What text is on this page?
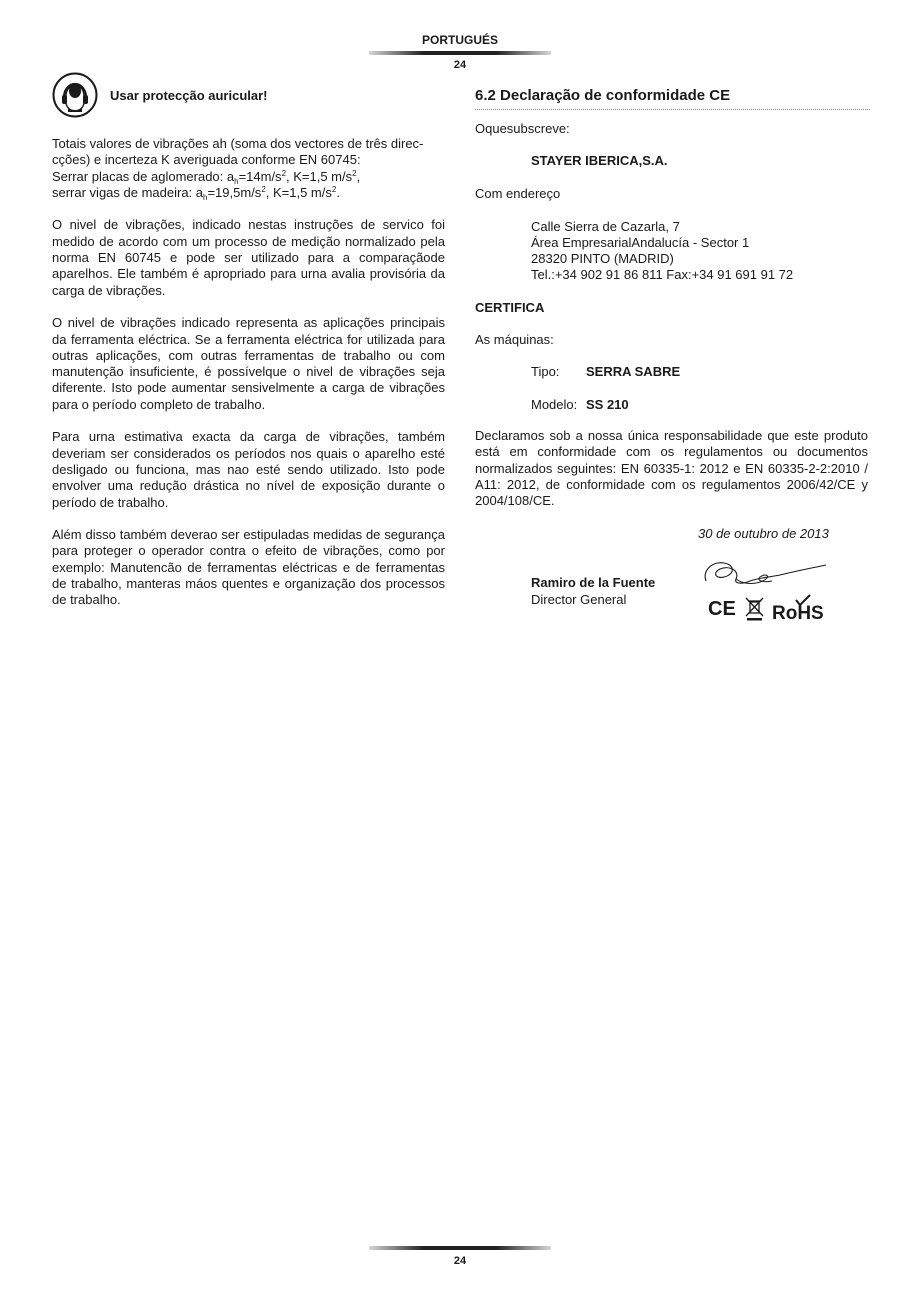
PORTUGUÉS
24
Usar protecção auricular!

Totais valores de vibrações ah (soma dos vectores de três direc-
cções) e incerteza K averiguada conforme EN 60745:
Serrar placas de aglomerado: $a_h=14m/s^2$, K=1,5 $m/s^2$,
serrar vigas de madeira: $a_h=19,5m/s^2$, K=1,5 $m/s^2$.

O nivel de vibrações, indicado nestas instruções de servico foi medido de acordo com um processo de medição normalizado pela norma EN 60745 e pode ser utilizado para a comparaçãode aparelhos. Ele também é apropriado para urna avalia provisória da carga de vibrações.

O nivel de vibrações indicado representa as aplicações principais da ferramenta eléctrica. Se a ferramenta eléctrica for utilizada para outras aplicações, com outras ferramentas de trabalho ou com manutenção insuficiente, é possívelque o nivel de vibrações seja diferente. Isto pode aumentar sensivelmente a carga de vibrações para o período completo de trabalho.

Para urna estimativa exacta da carga de vibrações, também deveriam ser considerados os períodos nos quais o aparelho esté desligado ou funciona, mas nao esté sendo utilizado. Isto pode envolver uma redução drástica no nível de exposição durante o período de trabalho.

Além disso também deverao ser estipuladas medidas de segurança para proteger o operador contra o efeito de vibrações, como por exemplo: Manutencão de ferramentas eléctricas e de ferramentas de trabalho, manteras máos quentes e organização dos processos de trabalho.

6.2 Declaração de conformidade CE
Oquesubscreve:
STAYER IBERICA,S.A.
Com endereço
Calle Sierra de Cazarla, 7
Área EmpresarialAndalucía - Sector 1
28320 PINTO (MADRID)
Tel.:+34 902 91 86 811 Fax:+34 91 691 91 72
CERTIFICA
As máquinas:
Tipo: SERRA SABRE
Modelo: SS 210
Declaramos sob a nossa única responsabilidade que este produto está em conformidade com os regulamentos ou documentos normalizados seguintes: EN 60335-1: 2012 e EN 60335-2-2:2010 / A11: 2012, de conformidade com os regulamentos 2006/42/CE y 2004/108/CE.
30 de outubro de 2013
Ramiro de la Fuente
Director General	CE RoHS
24
